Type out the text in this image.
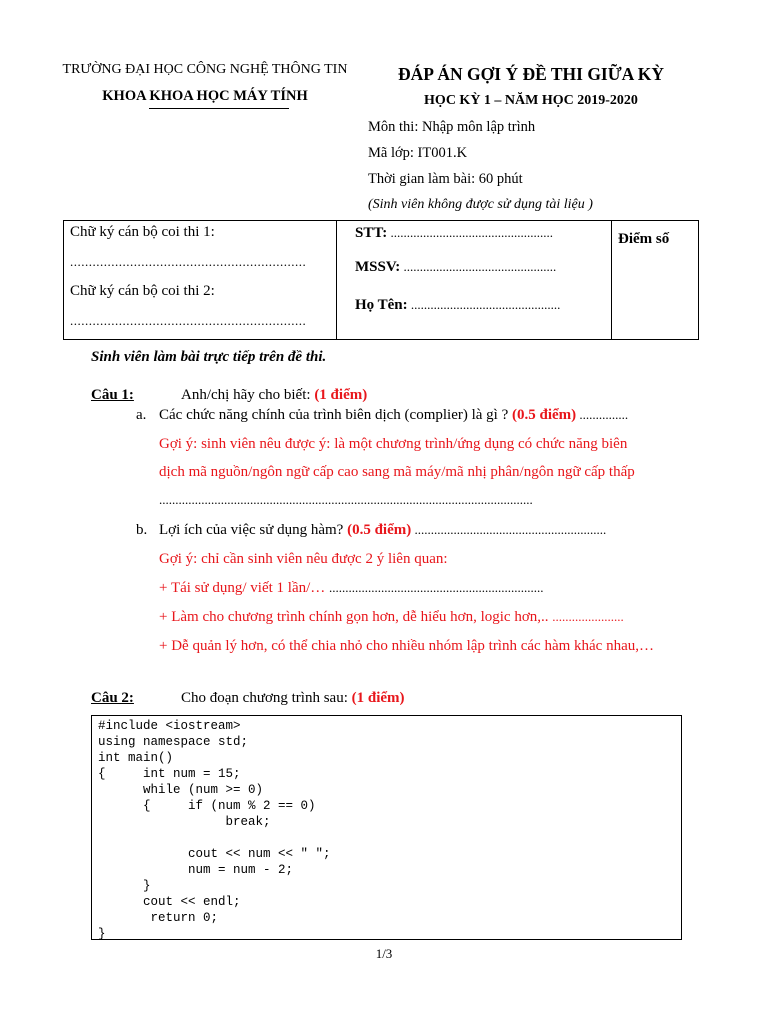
TRƯỜNG ĐẠI HỌC CÔNG NGHỆ THÔNG TIN
KHOA KHOA HỌC MÁY TÍNH
ĐÁP ÁN GỢI Ý ĐỀ THI GIỮA KỲ
HỌC KỲ 1 – NĂM HỌC 2019-2020
Môn thi: Nhập môn lập trình
Mã lớp: IT001.K
Thời gian làm bài: 60 phút
(Sinh viên không được sử dụng tài liệu )
Chữ ký cán bộ coi thi 1:
...............................................................
Chữ ký cán bộ coi thi 2:
...............................................................

STT: ..................................................
MSSV: ...............................................
Họ Tên: ..............................................

Điểm số
Sinh viên làm bài trực tiếp trên đề thi.
Câu 1:	Anh/chị hãy cho biết: (1 điểm)
a. Các chức năng chính của trình biên dịch (complier) là gì ? (0.5 điểm) ...............
Gợi ý: sinh viên nêu được ý: là một chương trình/ứng dụng có chức năng biên
dịch mã nguồn/ngôn ngữ cấp cao sang mã máy/mã nhị phân/ngôn ngữ cấp thấp
...................................................................................................................
b. Lợi ích của việc sử dụng hàm? (0.5 điểm) ...........................................................
Gợi ý: chỉ cần sinh viên nêu được 2 ý liên quan:
+ Tái sử dụng/ viết 1 lần/… ..................................................................
+ Làm cho chương trình chính gọn hơn, dễ hiểu hơn, logic hơn,.. ......................
+ Dễ quản lý hơn, có thể chia nhỏ cho nhiều nhóm lập trình các hàm khác nhau,…
Câu 2:	Cho đoạn chương trình sau: (1 điểm)
#include <iostream>
using namespace std;
int main()
{     int num = 15;
while (num >= 0)
{     if (num % 2 == 0)
break;

cout << num << " ";
num = num - 2;
}
cout << endl;
return 0;
}
1/3
